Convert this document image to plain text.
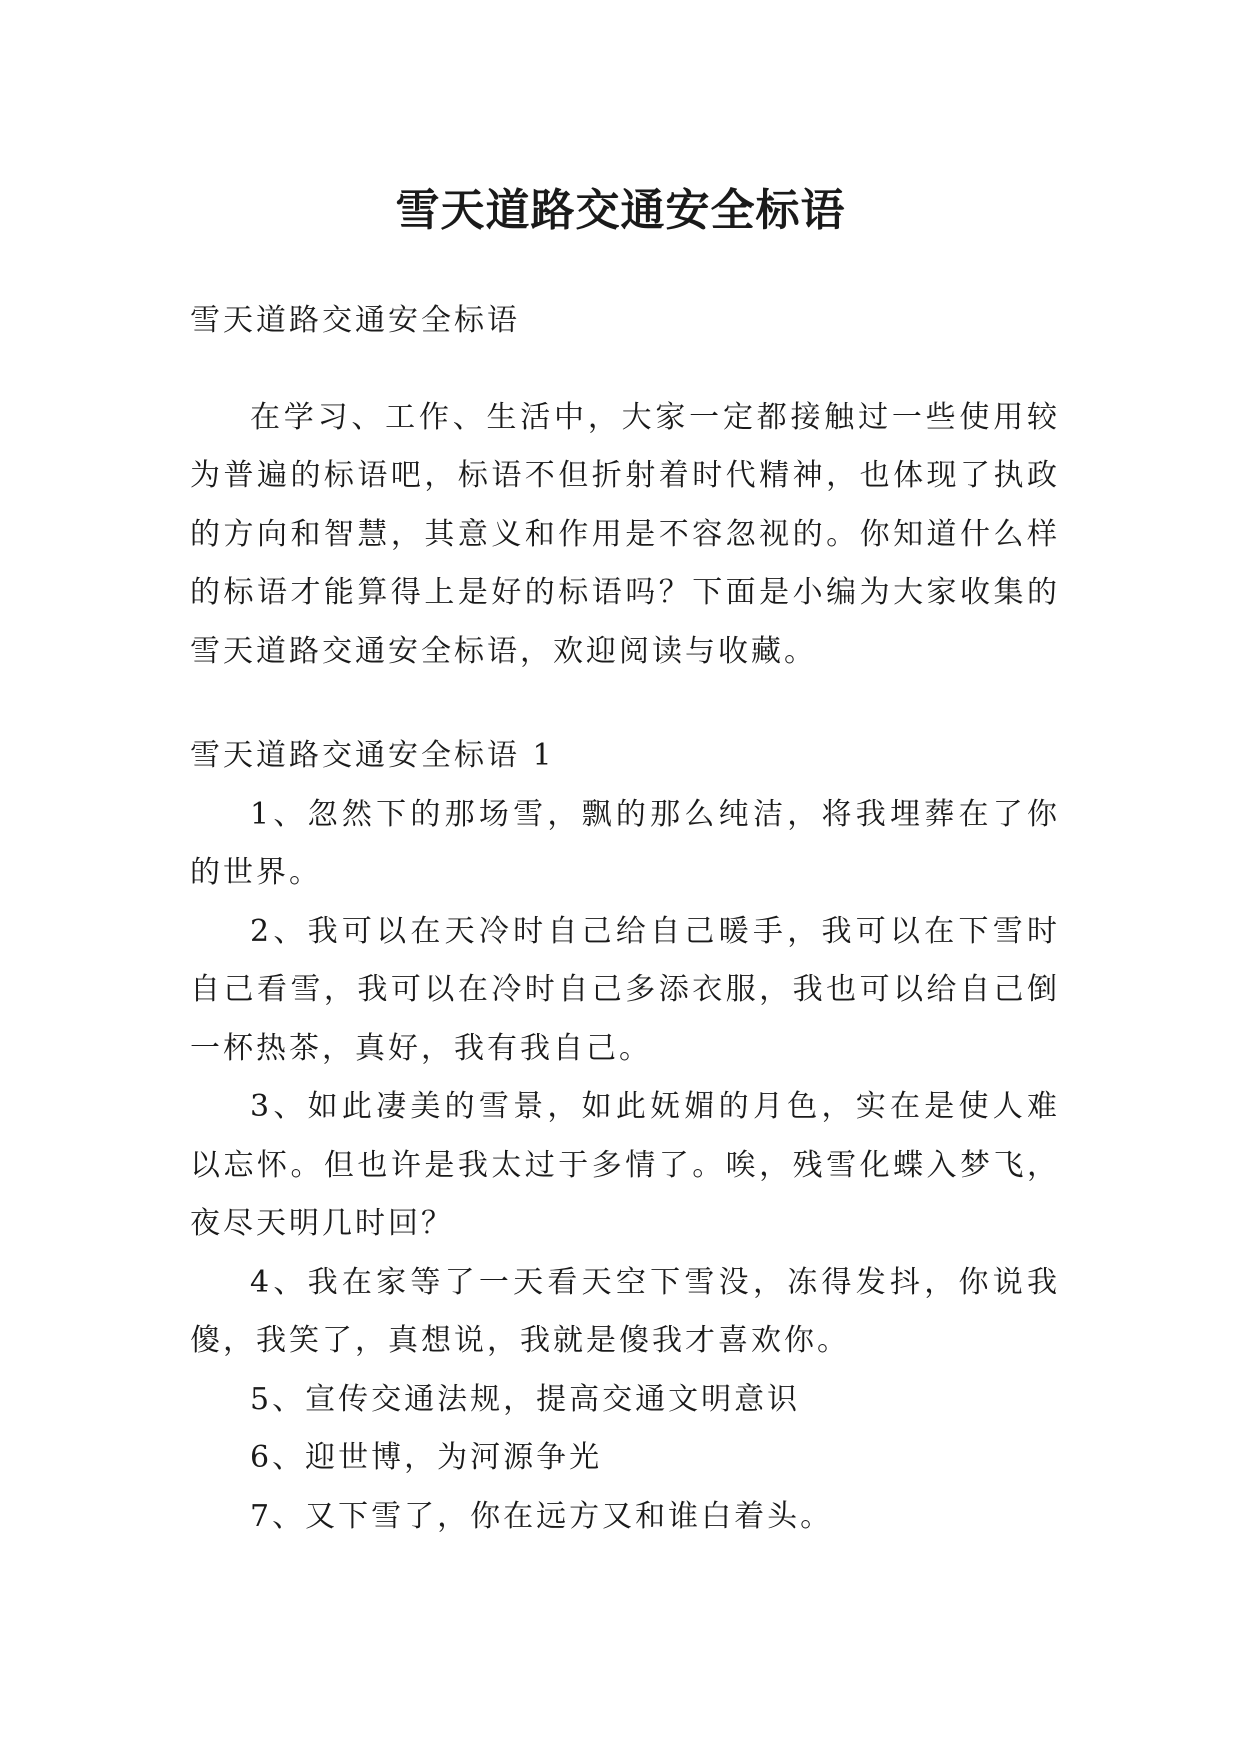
雪天道路交通安全标语

雪天道路交通安全标语

在学习、工作、生活中，大家一定都接触过一些使用较为普遍的标语吧，标语不但折射着时代精神，也体现了执政的方向和智慧，其意义和作用是不容忽视的。你知道什么样的标语才能算得上是好的标语吗？下面是小编为大家收集的雪天道路交通安全标语，欢迎阅读与收藏。

雪天道路交通安全标语 1

1、忽然下的那场雪，飘的那么纯洁，将我埋葬在了你的世界。

2、我可以在天冷时自己给自己暖手，我可以在下雪时自己看雪，我可以在冷时自己多添衣服，我也可以给自己倒一杯热茶，真好，我有我自己。

3、如此凄美的雪景，如此妩媚的月色，实在是使人难以忘怀。但也许是我太过于多情了。唉，残雪化蝶入梦飞，夜尽天明几时回？

4、我在家等了一天看天空下雪没，冻得发抖，你说我傻，我笑了，真想说，我就是傻我才喜欢你。

5、宣传交通法规，提高交通文明意识

6、迎世博，为河源争光

7、又下雪了，你在远方又和谁白着头。
